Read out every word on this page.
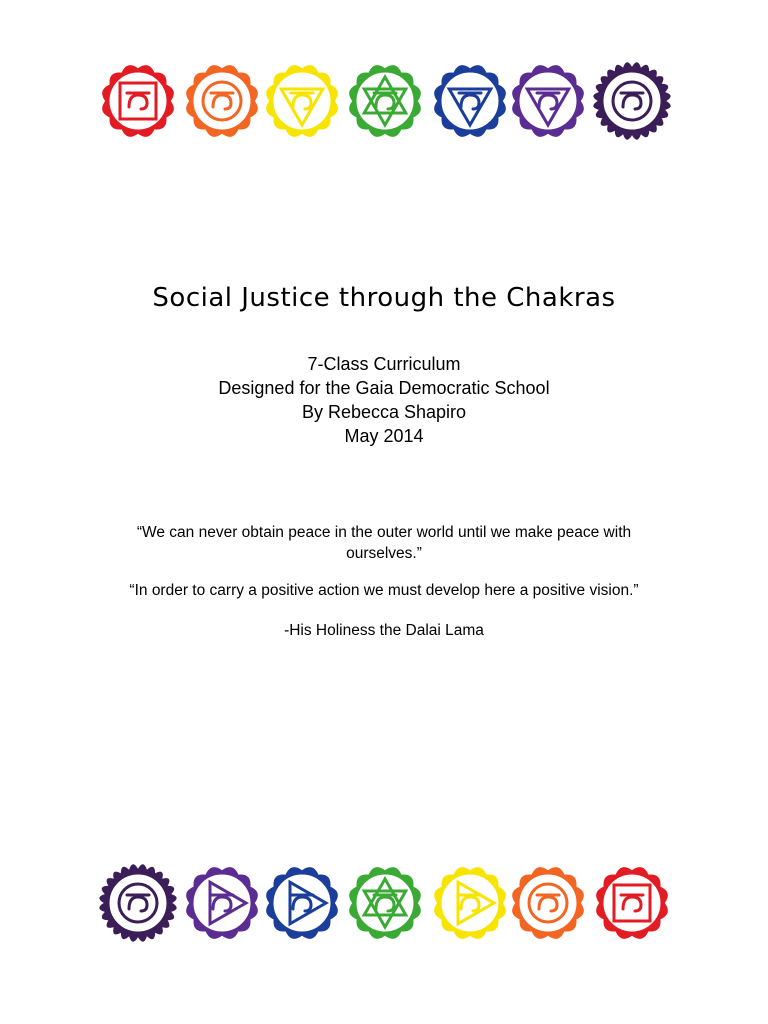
Social Justice through the Chakras
7-Class Curriculum
Designed for the Gaia Democratic School
By Rebecca Shapiro
May 2014
“We can never obtain peace in the outer world until we make peace with ourselves.”
“In order to carry a positive action we must develop here a positive vision.”
-His Holiness the Dalai Lama
